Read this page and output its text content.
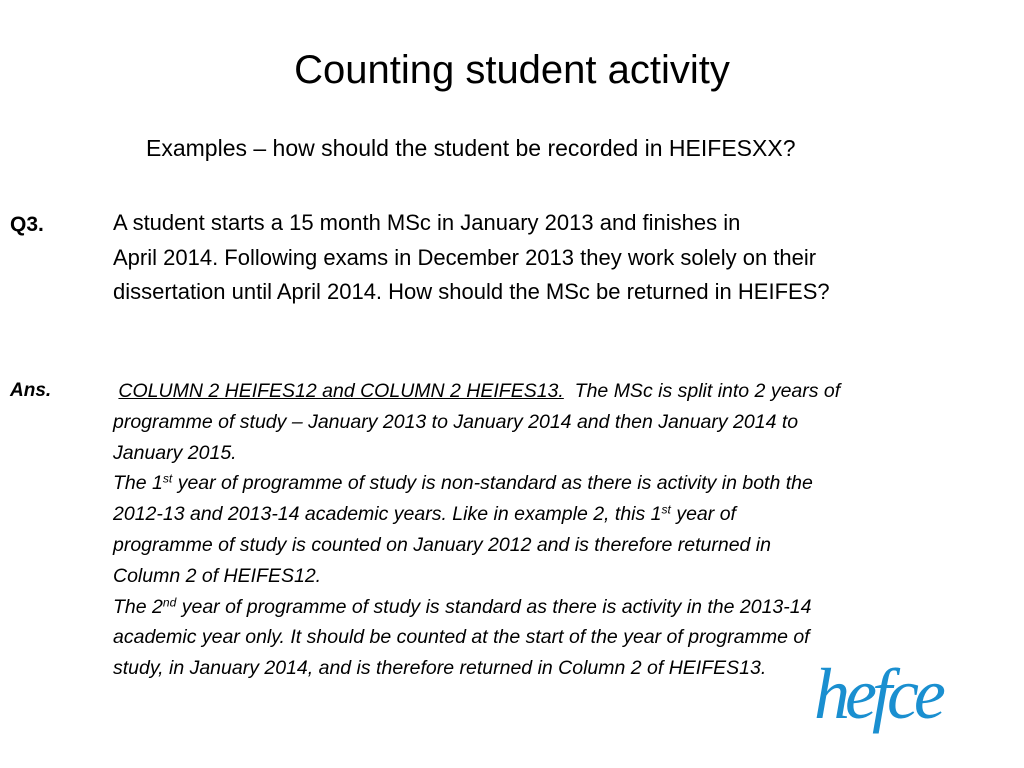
Counting student activity
Examples – how should the student be recorded in HEIFESXX?
Q3.	A student starts a 15 month MSc in January 2013 and finishes in
April 2014. Following exams in December 2013 they work solely on their
dissertation until April 2014. How should the MSc be returned in HEIFES?
Ans.	COLUMN 2 HEIFES12 and COLUMN 2 HEIFES13. The MSc is split into 2 years of
programme of study – January 2013 to January 2014 and then January 2014 to
January 2015.
The 1st year of programme of study is non-standard as there is activity in both the
2012-13 and 2013-14 academic years. Like in example 2, this 1st year of
programme of study is counted on January 2012 and is therefore returned in
Column 2 of HEIFES12.
The 2nd year of programme of study is standard as there is activity in the 2013-14
academic year only. It should be counted at the start of the year of programme of
study, in January 2014, and is therefore returned in Column 2 of HEIFES13. hefce
